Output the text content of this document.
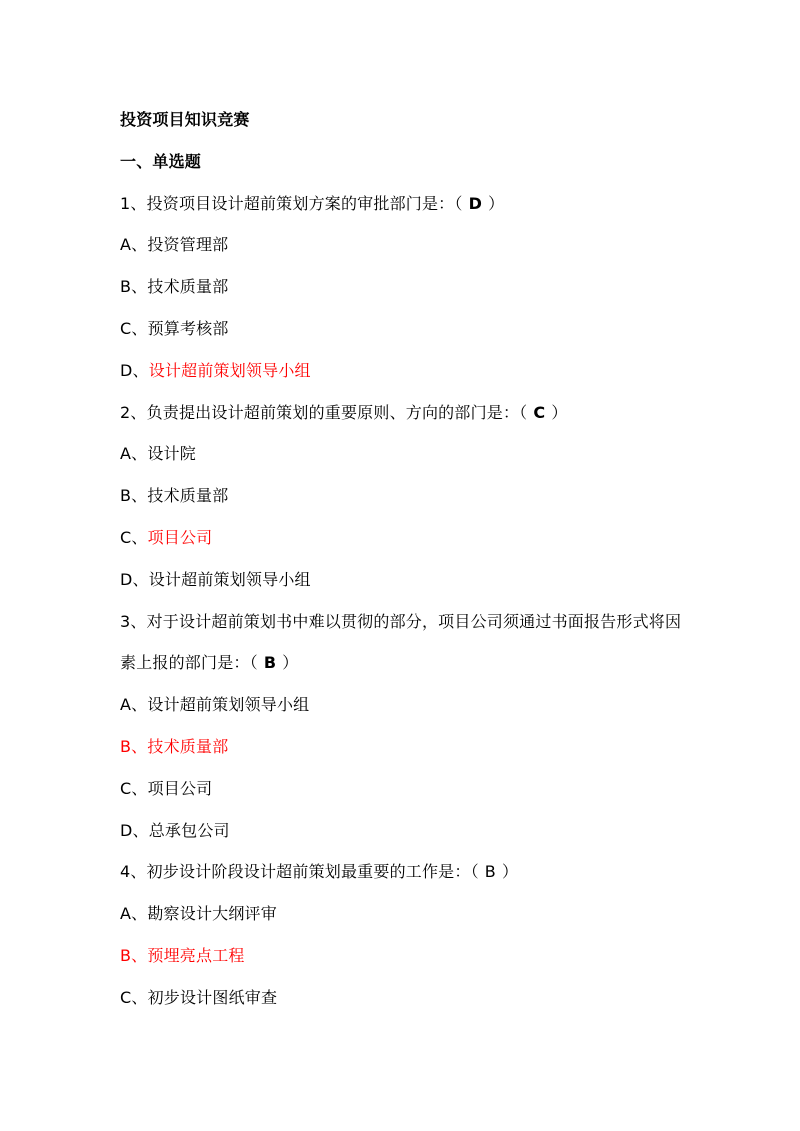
投资项目知识竞赛
一、单选题
1、投资项目设计超前策划方案的审批部门是：（ D ）
A、投资管理部
B、技术质量部
C、预算考核部
D、设计超前策划领导小组
2、负责提出设计超前策划的重要原则、方向的部门是：（ C ）
A、设计院
B、技术质量部
C、项目公司
D、设计超前策划领导小组
3、对于设计超前策划书中难以贯彻的部分，项目公司须通过书面报告形式将因
素上报的部门是：（ B ）
A、设计超前策划领导小组
B、技术质量部
C、项目公司
D、总承包公司
4、初步设计阶段设计超前策划最重要的工作是：（ B ）
A、勘察设计大纲评审
B、预埋亮点工程
C、初步设计图纸审查
